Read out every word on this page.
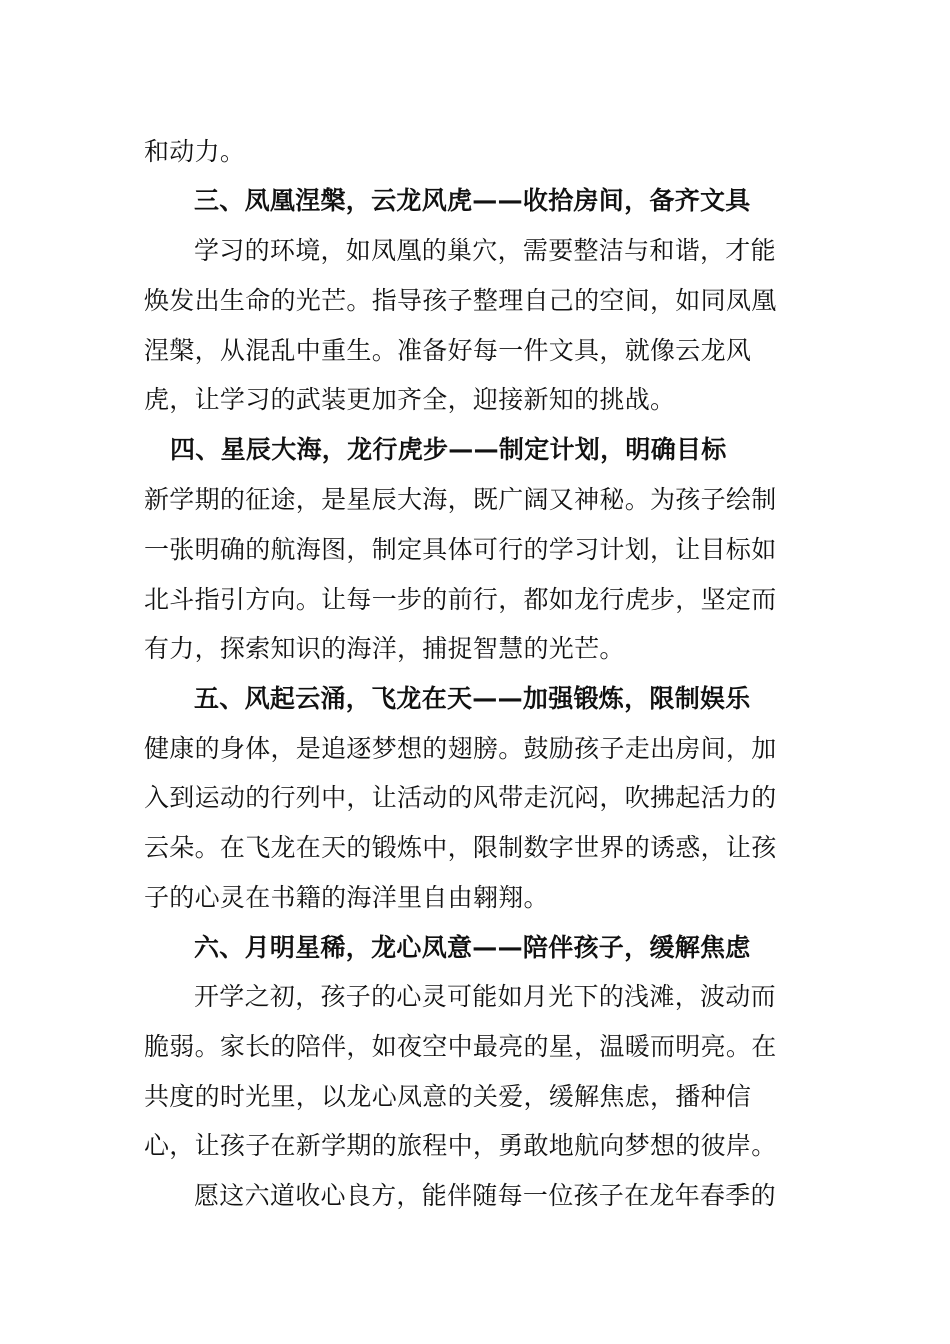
和动力。
三、凤凰涅槃，云龙风虎——收拾房间，备齐文具
学习的环境，如凤凰的巢穴，需要整洁与和谐，才能
焕发出生命的光芒。指导孩子整理自己的空间，如同凤凰
涅槃，从混乱中重生。准备好每一件文具，就像云龙风
虎，让学习的武装更加齐全，迎接新知的挑战。
四、星辰大海，龙行虎步——制定计划，明确目标
新学期的征途，是星辰大海，既广阔又神秘。为孩子绘制
一张明确的航海图，制定具体可行的学习计划，让目标如
北斗指引方向。让每一步的前行，都如龙行虎步，坚定而
有力，探索知识的海洋，捕捉智慧的光芒。
五、风起云涌，飞龙在天——加强锻炼，限制娱乐
健康的身体，是追逐梦想的翅膀。鼓励孩子走出房间，加
入到运动的行列中，让活动的风带走沉闷，吹拂起活力的
云朵。在飞龙在天的锻炼中，限制数字世界的诱惑，让孩
子的心灵在书籍的海洋里自由翱翔。
六、月明星稀，龙心凤意——陪伴孩子，缓解焦虑
开学之初，孩子的心灵可能如月光下的浅滩，波动而
脆弱。家长的陪伴，如夜空中最亮的星，温暖而明亮。在
共度的时光里，以龙心凤意的关爱，缓解焦虑，播种信
心，让孩子在新学期的旅程中，勇敢地航向梦想的彼岸。
愿这六道收心良方，能伴随每一位孩子在龙年春季的
